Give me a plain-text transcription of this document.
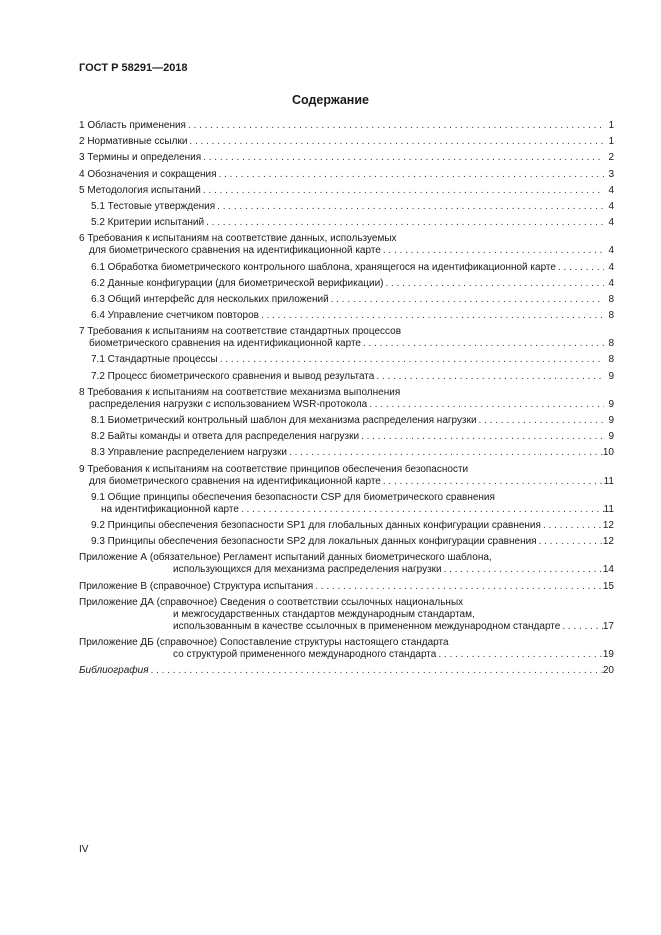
ГОСТ Р 58291—2018
Содержание
1 Область применения . . .	1
2 Нормативные ссылки . . .	1
3 Термины и определения . . .	2
4 Обозначения и сокращения . . .	3
5 Методология испытаний . . .	4
5.1 Тестовые утверждения . . .	4
5.2 Критерии испытаний . . .	4
6 Требования к испытаниям на соответствие данных, используемых
для биометрического сравнения на идентификационной карте . . .	4
6.1 Обработка биометрического контрольного шаблона, хранящегося на идентификационной карте . . .	4
6.2 Данные конфигурации (для биометрической верификации) . . .	4
6.3 Общий интерфейс для нескольких приложений . . .	8
6.4 Управление счетчиком повторов . . .	8
7 Требования к испытаниям на соответствие стандартных процессов
биометрического сравнения на идентификационной карте . . .	8
7.1 Стандартные процессы . . .	8
7.2 Процесс биометрического сравнения и вывод результата . . .	9
8 Требования к испытаниям на соответствие механизма выполнения
распределения нагрузки с использованием WSR-протокола . . .	9
8.1 Биометрический контрольный шаблон для механизма распределения нагрузки . . .	9
8.2 Байты команды и ответа для распределения нагрузки . . .	9
8.3 Управление распределением нагрузки . . .	10
9 Требования к испытаниям на соответствие принципов обеспечения безопасности
для биометрического сравнения на идентификационной карте . . .	11
9.1 Общие принципы обеспечения безопасности CSP для биометрического сравнения
на идентификационной карте . . .	11
9.2 Принципы обеспечения безопасности SP1 для глобальных данных конфигурации сравнения . . .	12
9.3 Принципы обеспечения безопасности SP2 для локальных данных конфигурации сравнения . . .	12
Приложение А (обязательное) Регламент испытаний данных биометрического шаблона,
использующихся для механизма распределения нагрузки . . .	14
Приложение В (справочное) Структура испытания . . .	15
Приложение ДА (справочное) Сведения о соответствии ссылочных национальных
и межгосударственных стандартов международным стандартам,
использованным в качестве ссылочных в примененном международном стандарте . . .	17
Приложение ДБ (справочное) Сопоставление структуры настоящего стандарта
со структурой примененного международного стандарта . . .	19
Библиография . . .	20
IV
